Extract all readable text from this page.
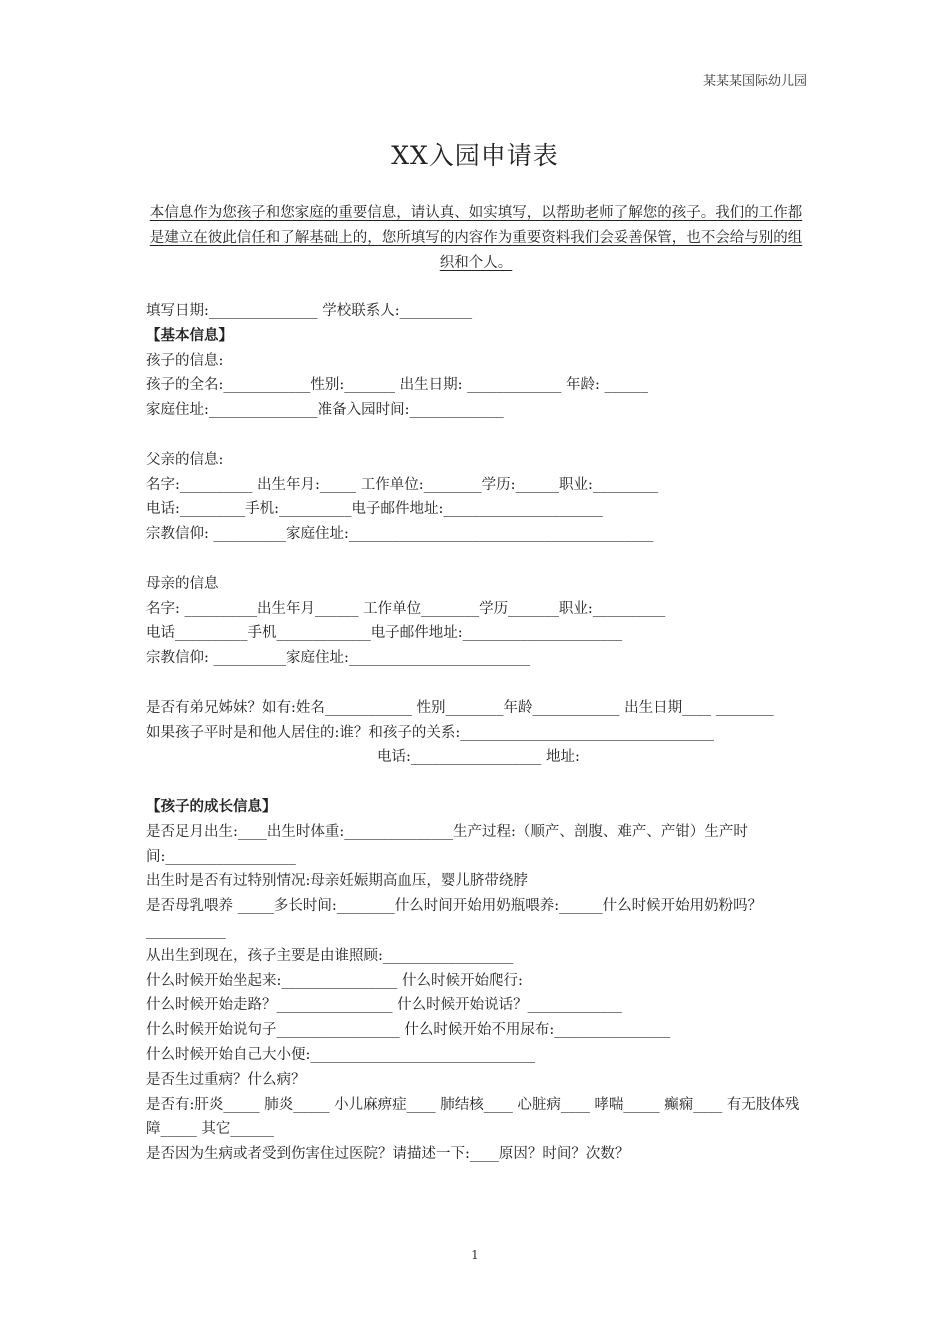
某某某国际幼儿园
XX入园申请表
本信息作为您孩子和您家庭的重要信息，请认真、如实填写，以帮助老师了解您的孩子。我们的工作都是建立在彼此信任和了解基础上的，您所填写的内容作为重要资料我们会妥善保管，也不会给与别的组织和个人。
填写日期:_______________ 学校联系人:__________
【基本信息】
孩子的信息:
孩子的全名:____________性别:_______ 出生日期: _____________ 年龄: ______
家庭住址:_______________准备入园时间:_____________
父亲的信息:
名字:__________ 出生年月:_____ 工作单位:________学历:______职业:_________
电话:_________手机:__________电子邮件地址:______________________
宗教信仰: __________家庭住址:__________________________________________
母亲的信息
名字: __________出生年月______ 工作单位________学历_______职业:__________
电话__________手机_____________电子邮件地址:______________________
宗教信仰: __________家庭住址:_________________________
是否有弟兄姊妹？如有:姓名____________ 性别________年龄____________ 出生日期____ ________
如果孩子平时是和他人居住的:谁？和孩子的关系:___________________________________
电话:__________________ 地址:
【孩子的成长信息】
是否足月出生:____出生时体重:_______________生产过程:（顺产、剖腹、难产、产钳）生产时间:__________________
出生时是否有过特别情况:母亲妊娠期高血压，婴儿脐带绕脖
是否母乳喂养 _____多长时间:________什么时间开始用奶瓶喂养:______什么时候开始用奶粉吗？ ___________
从出生到现在，孩子主要是由谁照顾:__________________
什么时候开始坐起来:________________ 什么时候开始爬行:
什么时候开始走路？________________ 什么时候开始说话？_____________
什么时候开始说句子_________________ 什么时候开始不用尿布:________________
什么时候开始自己大小便:_______________________________
是否生过重病？什么病？
是否有:肝炎_____ 肺炎_____ 小儿麻痹症____ 肺结核____ 心脏病____ 哮喘_____ 癫痫____ 有无肢体残障_____ 其它______
是否因为生病或者受到伤害住过医院？请描述一下:____原因？时间？次数？
1
